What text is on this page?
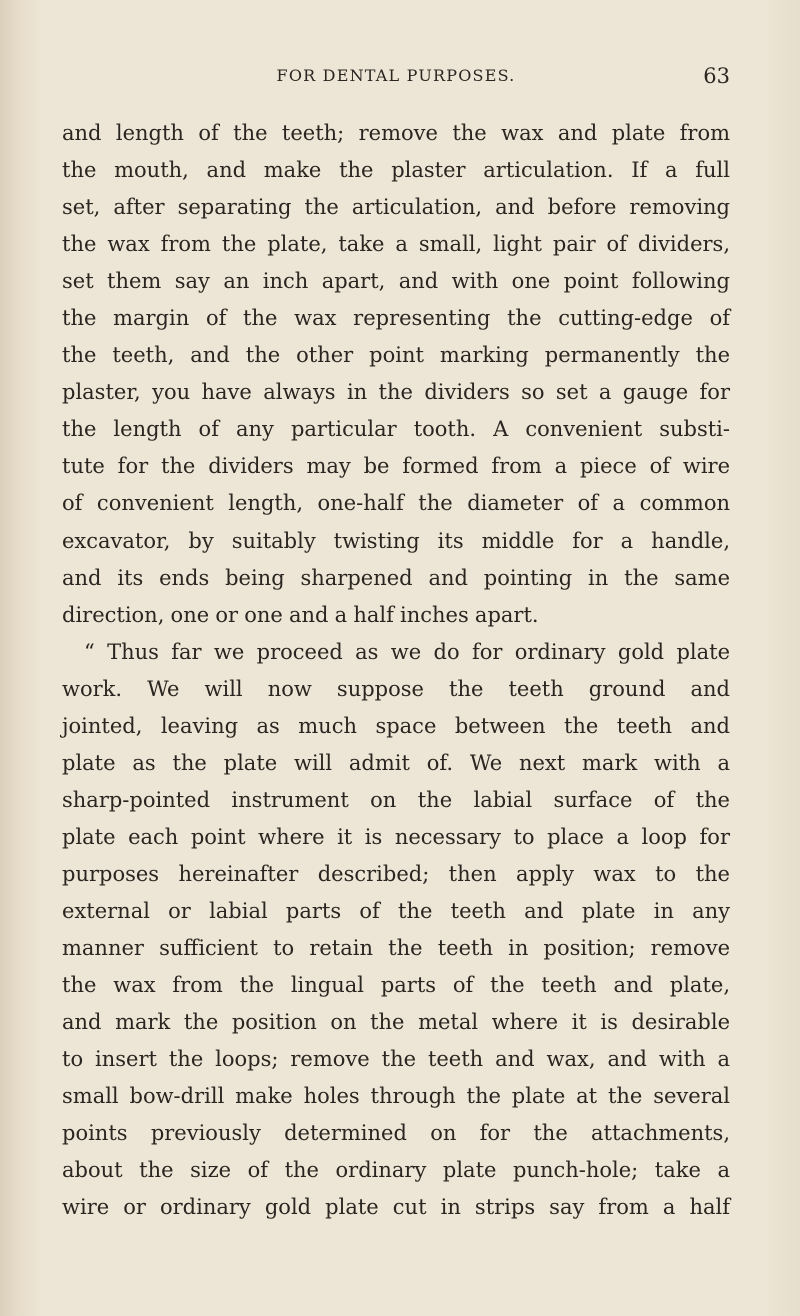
FOR DENTAL PURPOSES.	63
and length of the teeth; remove the wax and plate from
the mouth, and make the plaster articulation. If a full
set, after separating the articulation, and before removing
the wax from the plate, take a small, light pair of dividers,
set them say an inch apart, and with one point following
the margin of the wax representing the cutting-edge of
the teeth, and the other point marking permanently the
plaster, you have always in the dividers so set a gauge for
the length of any particular tooth. A convenient substi-
tute for the dividers may be formed from a piece of wire
of convenient length, one-half the diameter of a common
excavator, by suitably twisting its middle for a handle,
and its ends being sharpened and pointing in the same
direction, one or one and a half inches apart.
“ Thus far we proceed as we do for ordinary gold plate
work. We will now suppose the teeth ground and
jointed, leaving as much space between the teeth and
plate as the plate will admit of. We next mark with a
sharp-pointed instrument on the labial surface of the
plate each point where it is necessary to place a loop for
purposes hereinafter described; then apply wax to the
external or labial parts of the teeth and plate in any
manner sufficient to retain the teeth in position; remove
the wax from the lingual parts of the teeth and plate,
and mark the position on the metal where it is desirable
to insert the loops; remove the teeth and wax, and with a
small bow-drill make holes through the plate at the several
points previously determined on for the attachments,
about the size of the ordinary plate punch-hole; take a
wire or ordinary gold plate cut in strips say from a half
